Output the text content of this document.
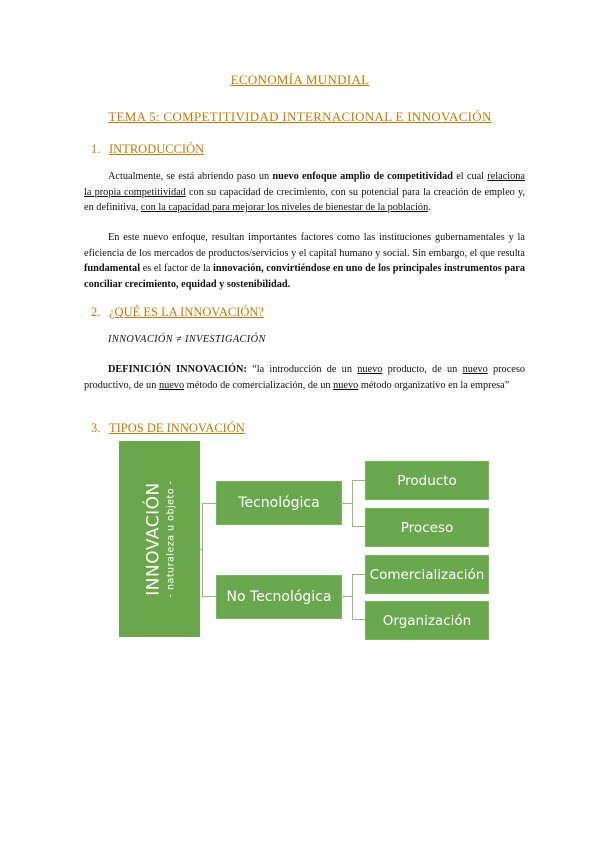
ECONOMÍA MUNDIAL
TEMA 5: COMPETITIVIDAD INTERNACIONAL E INNOVACIÓN
1. INTRODUCCIÓN

Actualmente, se está abriendo paso un nuevo enfoque amplio de competitividad el cual relaciona la propia competitividad con su capacidad de crecimiento, con su potencial para la creación de empleo y, en definitiva, con la capacidad para mejorar los niveles de bienestar de la población.

En este nuevo enfoque, resultan importantes factores como las instituciones gubernamentales y la eficiencia de los mercados de productos/servicios y el capital humano y social. Sin embargo, el que resulta fundamental es el factor de la innovación, convirtiéndose en uno de los principales instrumentos para conciliar crecimiento, equidad y sostenibilidad.

2. ¿QUÉ ES LA INNOVACIÓN?
INNOVACIÓN ≠ INVESTIGACIÓN

DEFINICIÓN INNOVACIÓN: “la introducción de un nuevo producto, de un nuevo proceso productivo, de un nuevo método de comercialización, de un nuevo método organizativo en la empresa”

3. TIPOS DE INNOVACIÓN
INNOVACIÓN - naturaleza u objeto -	Tecnológica
No Tecnológica
Producto
Proceso
Comercialización
Organización
